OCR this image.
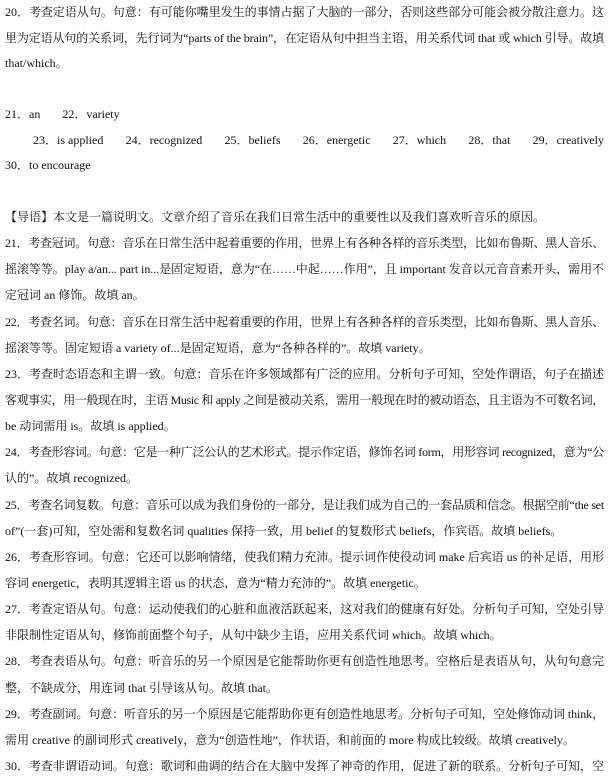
20．考查定语从句。句意：有可能你嘴里发生的事情占据了大脑的一部分，否则这些部分可能会被分散注意力。这
里为定语从句的关系词，先行词为“parts of the brain”，在定语从句中担当主语，用关系代词 that 或 which 引导。故填
that/which。
21．an 22．variety
23．is applied 24．recognized 25．beliefs 26．energetic 27．which 28．that 29．creatively
30．to encourage
【导语】本文是一篇说明文。文章介绍了音乐在我们日常生活中的重要性以及我们喜欢听音乐的原因。
21．考查冠词。句意：音乐在日常生活中起着重要的作用，世界上有各种各样的音乐类型，比如布鲁斯、黑人音乐、
摇滚等等。play a/an... part in...是固定短语，意为“在……中起……作用”，且 important 发音以元音音素开头，需用不
定冠词 an 修饰。故填 an。
22．考查名词。句意：音乐在日常生活中起着重要的作用，世界上有各种各样的音乐类型，比如布鲁斯、黑人音乐、
摇滚等等。固定短语 a variety of...是固定短语，意为“各种各样的”。故填 variety。
23．考查时态语态和主谓一致。句意：音乐在许多领域都有广泛的应用。分析句子可知，空处作谓语，句子在描述
客观事实，用一般现在时，主语 Music 和 apply 之间是被动关系，需用一般现在时的被动语态，且主语为不可数名词，
be 动词需用 is。故填 is applied。
24．考查形容词。句意：它是一种广泛公认的艺术形式。提示作定语，修饰名词 form，用形容词 recognized，意为“公
认的”。故填 recognized。
25．考查名词复数。句意：音乐可以成为我们身份的一部分，是让我们成为自己的一套品质和信念。根据空前“the set
of”(一套)可知，空处需和复数名词 qualities 保持一致，用 belief 的复数形式 beliefs，作宾语。故填 beliefs。
26．考查形容词。句意：它还可以影响情绪，使我们精力充沛。提示词作使役动词 make 后宾语 us 的补足语，用形
容词 energetic，表明其逻辑主语 us 的状态，意为“精力充沛的”。故填 energetic。
27．考查定语从句。句意：运动使我们的心脏和血液活跃起来，这对我们的健康有好处。分析句子可知，空处引导
非限制性定语从句，修饰前面整个句子，从句中缺少主语，应用关系代词 which。故填 which。
28．考查表语从句。句意：听音乐的另一个原因是它能帮助你更有创造性地思考。空格后是表语从句，从句句意完
整，不缺成分，用连词 that 引导该从句。故填 that。
29．考查副词。句意：听音乐的另一个原因是它能帮助你更有创造性地思考。分析句子可知，空处修饰动词 think，
需用 creative 的副词形式 creatively，意为“创造性地”，作状语，和前面的 more 构成比较级。故填 creatively。
30．考查非谓语动词。句意：歌词和曲调的结合在大脑中发挥了神奇的作用，促进了新的联系。分析句子可知，空
